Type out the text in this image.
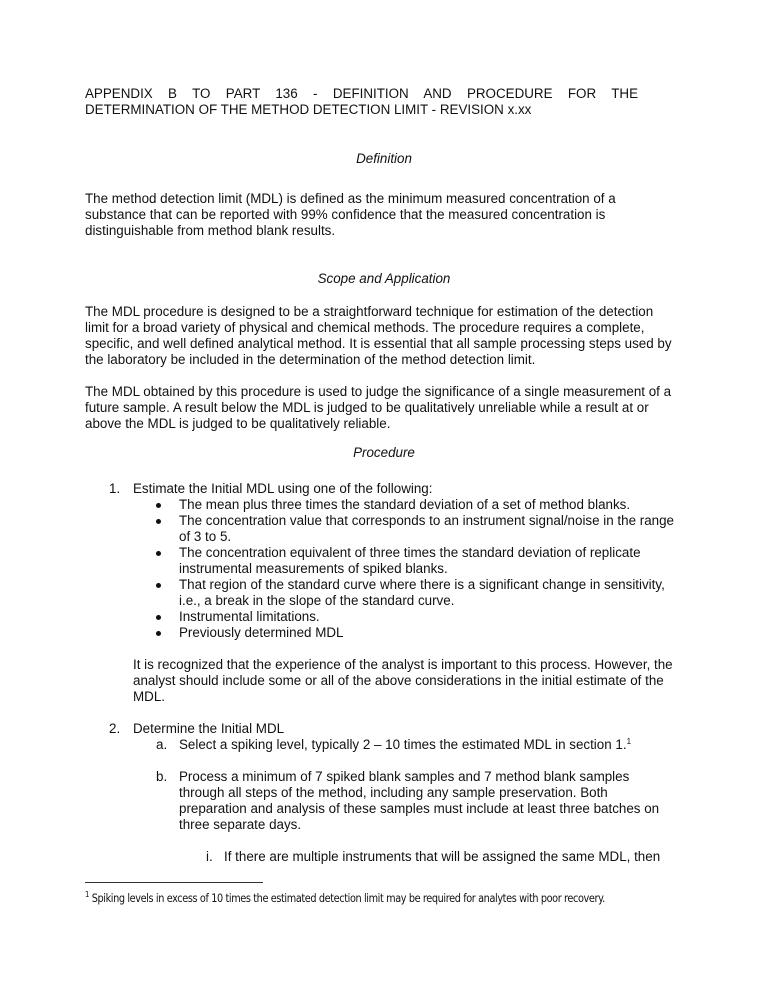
APPENDIX B TO PART 136 - DEFINITION AND PROCEDURE FOR THE
DETERMINATION OF THE METHOD DETECTION LIMIT - REVISION x.xx
Definition
The method detection limit (MDL) is defined as the minimum measured concentration of a
substance that can be reported with 99% confidence that the measured concentration is
distinguishable from method blank results.
Scope and Application
The MDL procedure is designed to be a straightforward technique for estimation of the detection
limit for a broad variety of physical and chemical methods. The procedure requires a complete,
specific, and well defined analytical method. It is essential that all sample processing steps used by
the laboratory be included in the determination of the method detection limit.
The MDL obtained by this procedure is used to judge the significance of a single measurement of a
future sample. A result below the MDL is judged to be qualitatively unreliable while a result at or
above the MDL is judged to be qualitatively reliable.
Procedure
1. Estimate the Initial MDL using one of the following:
The mean plus three times the standard deviation of a set of method blanks.
The concentration value that corresponds to an instrument signal/noise in the range
of 3 to 5.
The concentration equivalent of three times the standard deviation of replicate
instrumental measurements of spiked blanks.
That region of the standard curve where there is a significant change in sensitivity,
i.e., a break in the slope of the standard curve.
Instrumental limitations.
Previously determined MDL
It is recognized that the experience of the analyst is important to this process. However, the
analyst should include some or all of the above considerations in the initial estimate of the
MDL.
2. Determine the Initial MDL
a. Select a spiking level, typically 2 – 10 times the estimated MDL in section 1.$^1$
b. Process a minimum of 7 spiked blank samples and 7 method blank samples
through all steps of the method, including any sample preservation. Both
preparation and analysis of these samples must include at least three batches on
three separate days.
i. If there are multiple instruments that will be assigned the same MDL, then
$^1$ Spiking levels in excess of 10 times the estimated detection limit may be required for analytes with poor recovery.
